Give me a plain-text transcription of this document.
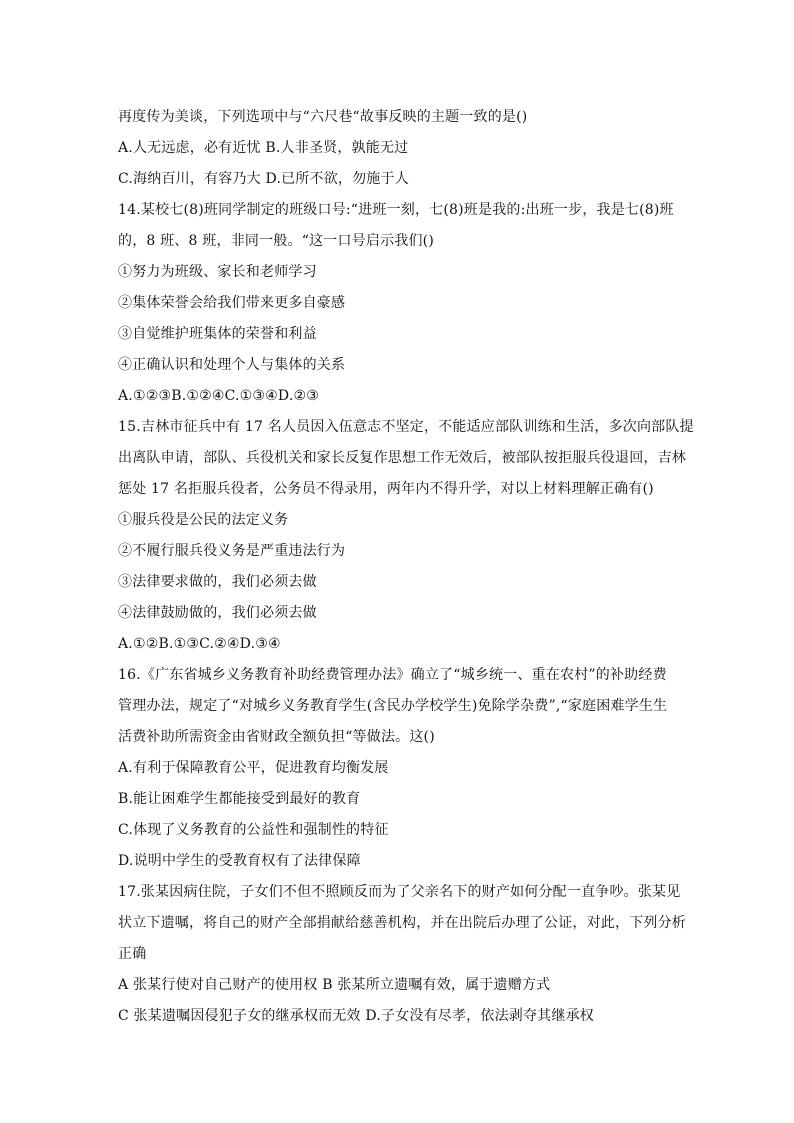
再度传为美谈，下列选项中与“六尺巷“故事反映的主题一致的是()
A.人无远虑，必有近忧 B.人非圣贤，孰能无过
C.海纳百川，有容乃大 D.已所不欲，勿施于人
14.某校七(8)班同学制定的班级口号:“进班一刻，七(8)班是我的:出班一步，我是七(8)班
的，8 班、8 班，非同一般。“这一口号启示我们()
①努力为班级、家长和老师学习
②集体荣誉会给我们带来更多自豪感
③自觉维护班集体的荣誉和利益
④正确认识和处理个人与集体的关系
A.①②③B.①②④C.①③④D.②③
15.吉林市征兵中有 17 名人员因入伍意志不坚定，不能适应部队训练和生活，多次向部队提
出离队申请，部队、兵役机关和家长反复作思想工作无效后，被部队按拒服兵役退回，吉林
惩处 17 名拒服兵役者，公务员不得录用，两年内不得升学，对以上材料理解正确有()
①服兵役是公民的法定义务
②不履行服兵役义务是严重违法行为
③法律要求做的，我们必须去做
④法律鼓励做的，我们必须去做
A.①②B.①③C.②④D.③④
16.《广东省城乡义务教育补助经费管理办法》确立了“城乡统一、重在农村”的补助经费
管理办法，规定了“对城乡义务教育学生(含民办学校学生)免除学杂费”,“家庭困难学生生
活费补助所需资金由省财政全额负担“等做法。这()
A.有利于保障教育公平，促进教育均衡发展
B.能让困难学生都能接受到最好的教育
C.体现了义务教育的公益性和强制性的特征
D.说明中学生的受教育权有了法律保障
17.张某因病住院，子女们不但不照顾反而为了父亲名下的财产如何分配一直争吵。张某见
状立下遗嘱，将自己的财产全部捐献给慈善机构，并在出院后办理了公证，对此，下列分析
正确
A 张某行使对自己财产的使用权 B 张某所立遗嘱有效，属于遗赠方式
C 张某遗嘱因侵犯子女的继承权而无效 D.子女没有尽孝，依法剥夺其继承权
